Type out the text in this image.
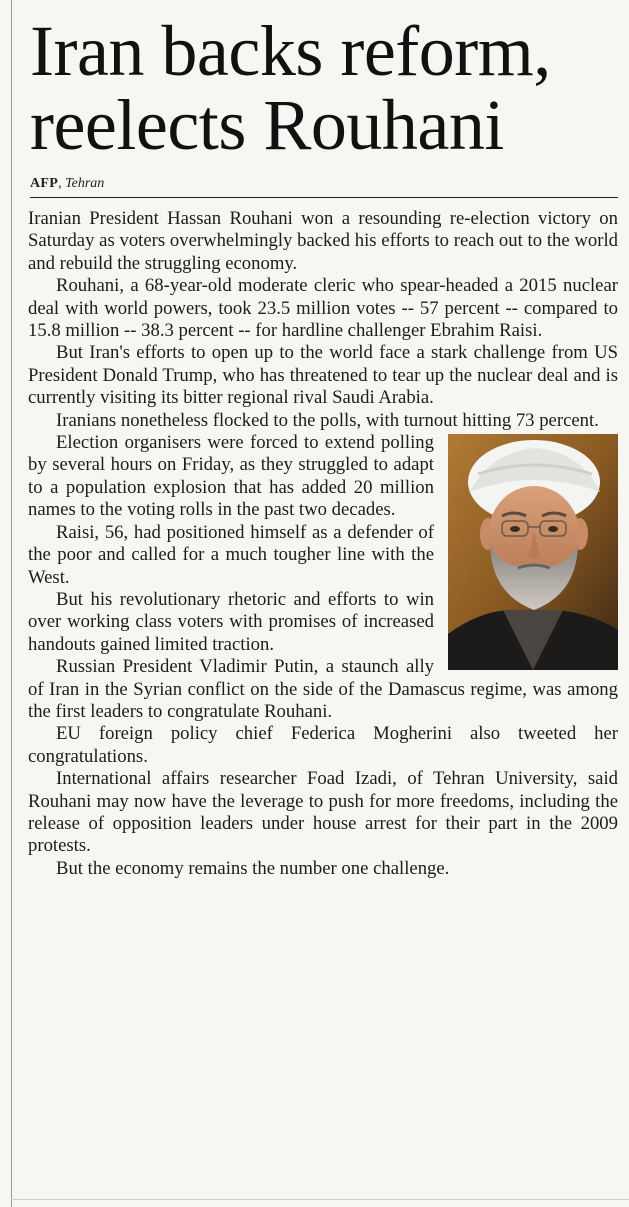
Iran backs reform, reelects Rouhani
AFP, Tehran

Iranian President Hassan Rouhani won a resounding re-election victory on Saturday as voters overwhelmingly backed his efforts to reach out to the world and rebuild the struggling economy.

Rouhani, a 68-year-old moderate cleric who spear-headed a 2015 nuclear deal with world powers, took 23.5 million votes -- 57 percent -- compared to 15.8 million -- 38.3 percent -- for hardline challenger Ebrahim Raisi.

But Iran's efforts to open up to the world face a stark challenge from US President Donald Trump, who has threatened to tear up the nuclear deal and is currently visiting its bitter regional rival Saudi Arabia.

Iranians nonetheless flocked to the polls, with turnout hitting 73 percent.

Election organisers were forced to extend polling by several hours on Friday, as they struggled to adapt to a population explosion that has added 20 million names to the voting rolls in the past two decades.

Raisi, 56, had positioned himself as a defender of the poor and called for a much tougher line with the West.

But his revolutionary rhetoric and efforts to win over working class voters with promises of increased handouts gained limited traction.

Russian President Vladimir Putin, a staunch ally of Iran in the Syrian conflict on the side of the Damascus regime, was among the first leaders to congratulate Rouhani.

EU foreign policy chief Federica Mogherini also tweeted her congratulations.

International affairs researcher Foad Izadi, of Tehran University, said Rouhani may now have the leverage to push for more freedoms, including the release of opposition leaders under house arrest for their part in the 2009 protests.

But the economy remains the number one challenge.
